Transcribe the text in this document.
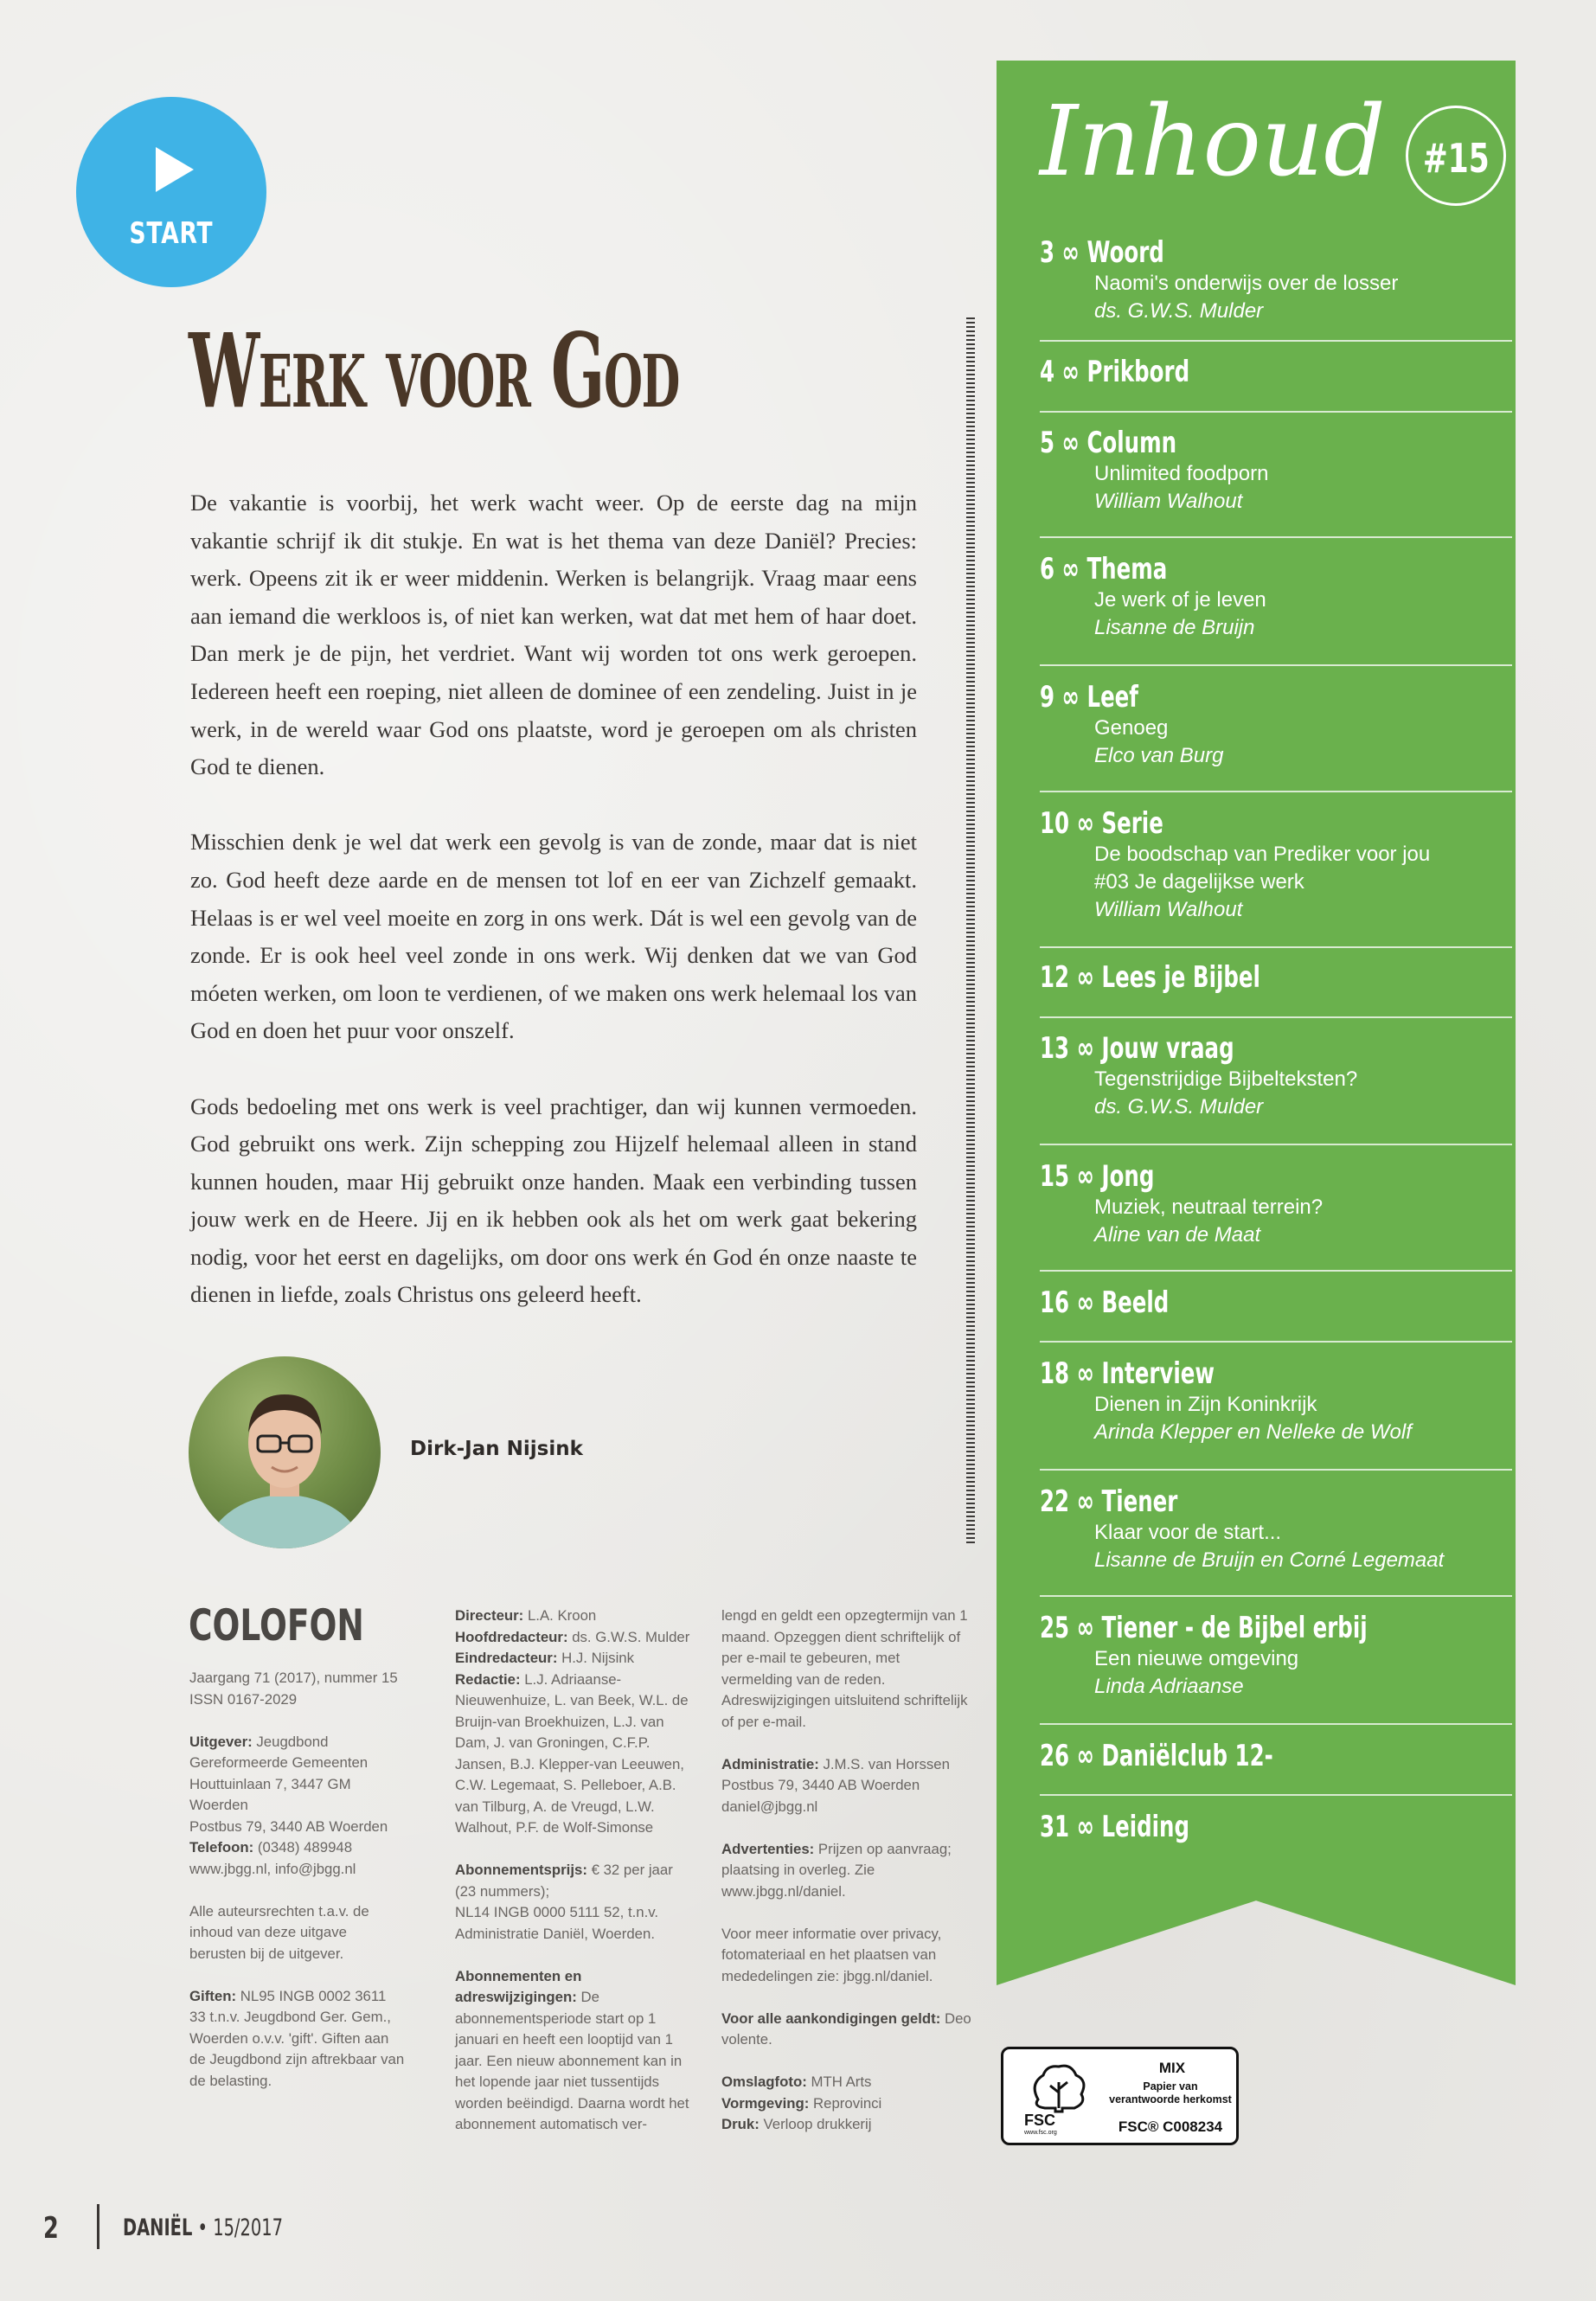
START
Werk voor God

De vakantie is voorbij, het werk wacht weer. Op de eerste dag na mijn vakantie schrijf ik dit stukje. En wat is het thema van deze Daniël? Precies: werk. Opeens zit ik er weer middenin. Werken is belangrijk. Vraag maar eens aan iemand die werkloos is, of niet kan werken, wat dat met hem of haar doet. Dan merk je de pijn, het verdriet. Want wij worden tot ons werk geroepen. Iedereen heeft een roeping, niet alleen de dominee of een zendeling. Juist in je werk, in de wereld waar God ons plaatste, word je geroepen om als christen God te dienen.

Misschien denk je wel dat werk een gevolg is van de zonde, maar dat is niet zo. God heeft deze aarde en de mensen tot lof en eer van Zichzelf gemaakt. Helaas is er wel veel moeite en zorg in ons werk. Dát is wel een gevolg van de zonde. Er is ook heel veel zonde in ons werk. Wij denken dat we van God móeten werken, om loon te verdienen, of we maken ons werk helemaal los van God en doen het puur voor onszelf.

Gods bedoeling met ons werk is veel prachtiger, dan wij kunnen vermoeden. God gebruikt ons werk. Zijn schepping zou Hijzelf helemaal alleen in stand kunnen houden, maar Hij gebruikt onze handen. Maak een verbinding tussen jouw werk en de Heere. Jij en ik hebben ook als het om werk gaat bekering nodig, voor het eerst en dagelijks, om door ons werk én God én onze naaste te dienen in liefde, zoals Christus ons geleerd heeft.

Dirk-Jan Nijsink
COLOFON

Jaargang 71 (2017), nummer 15
ISSN 0167-2029

Uitgever: Jeugdbond Gereformeerde Gemeenten Houttuinlaan 7, 3447 GM Woerden
Postbus 79, 3440 AB Woerden
Telefoon: (0348) 489948
www.jbgg.nl, info@jbgg.nl

Alle auteursrechten t.a.v. de inhoud van deze uitgave berusten bij de uitgever.

Giften: NL95 INGB 0002 3611 33 t.n.v. Jeugdbond Ger. Gem., Woerden o.v.v. 'gift'. Giften aan de Jeugdbond zijn aftrekbaar van de belasting.

Directeur: L.A. Kroon
Hoofdredacteur: ds. G.W.S. Mulder
Eindredacteur: H.J. Nijsink
Redactie: L.J. Adriaanse-Nieuwenhuize, L. van Beek, W.L. de Bruijn-van Broekhuizen, L.J. van Dam, J. van Groningen, C.F.P. Jansen, B.J. Klepper-van Leeuwen, C.W. Legemaat, S. Pelleboer, A.B. van Tilburg, A. de Vreugd, L.W. Walhout, P.F. de Wolf-Simonse

Abonnementsprijs: € 32 per jaar (23 nummers);
NL14 INGB 0000 5111 52, t.n.v. Administratie Daniël, Woerden.

Abonnementen en adreswijzigingen: De abonnementsperiode start op 1 januari en heeft een looptijd van 1 jaar. Een nieuw abonnement kan in het lopende jaar niet tussentijds worden beëindigd. Daarna wordt het abonnement automatisch ver-

lengd en geldt een opzegtermijn van 1 maand. Opzeggen dient schriftelijk of per e-mail te gebeuren, met vermelding van de reden. Adreswijzigingen uitsluitend schriftelijk of per e-mail.

Administratie: J.M.S. van Horssen
Postbus 79, 3440 AB Woerden
daniel@jbgg.nl

Advertenties: Prijzen op aanvraag; plaatsing in overleg. Zie www.jbgg.nl/daniel.

Voor meer informatie over privacy, fotomateriaal en het plaatsen van mededelingen zie: jbgg.nl/daniel.

Voor alle aankondigingen geldt: Deo volente.

Omslagfoto: MTH Arts
Vormgeving: Reprovinci
Druk: Verloop drukkerij

Inhoud #15
3 ∞ Woord
Naomi's onderwijs over de losser
ds. G.W.S. Mulder
4 ∞ Prikbord
5 ∞ Column
Unlimited foodporn
William Walhout
6 ∞ Thema
Je werk of je leven
Lisanne de Bruijn
9 ∞ Leef
Genoeg
Elco van Burg
10 ∞ Serie
De boodschap van Prediker voor jou
#03 Je dagelijkse werk
William Walhout
12 ∞ Lees je Bijbel
13 ∞ Jouw vraag
Tegenstrijdige Bijbelteksten?
ds. G.W.S. Mulder
15 ∞ Jong
Muziek, neutraal terrein?
Aline van de Maat
16 ∞ Beeld
18 ∞ Interview
Dienen in Zijn Koninkrijk
Arinda Klepper en Nelleke de Wolf
22 ∞ Tiener
Klaar voor de start...
Lisanne de Bruijn en Corné Legemaat
25 ∞ Tiener - de Bijbel erbij
Een nieuwe omgeving
Linda Adriaanse
26 ∞ Daniëlclub 12-
31 ∞ Leiding
FSC
www.fsc.org
MIX
Papier van
verantwoorde herkomst
FSC® C008234
2	DANIËL • 15/2017
